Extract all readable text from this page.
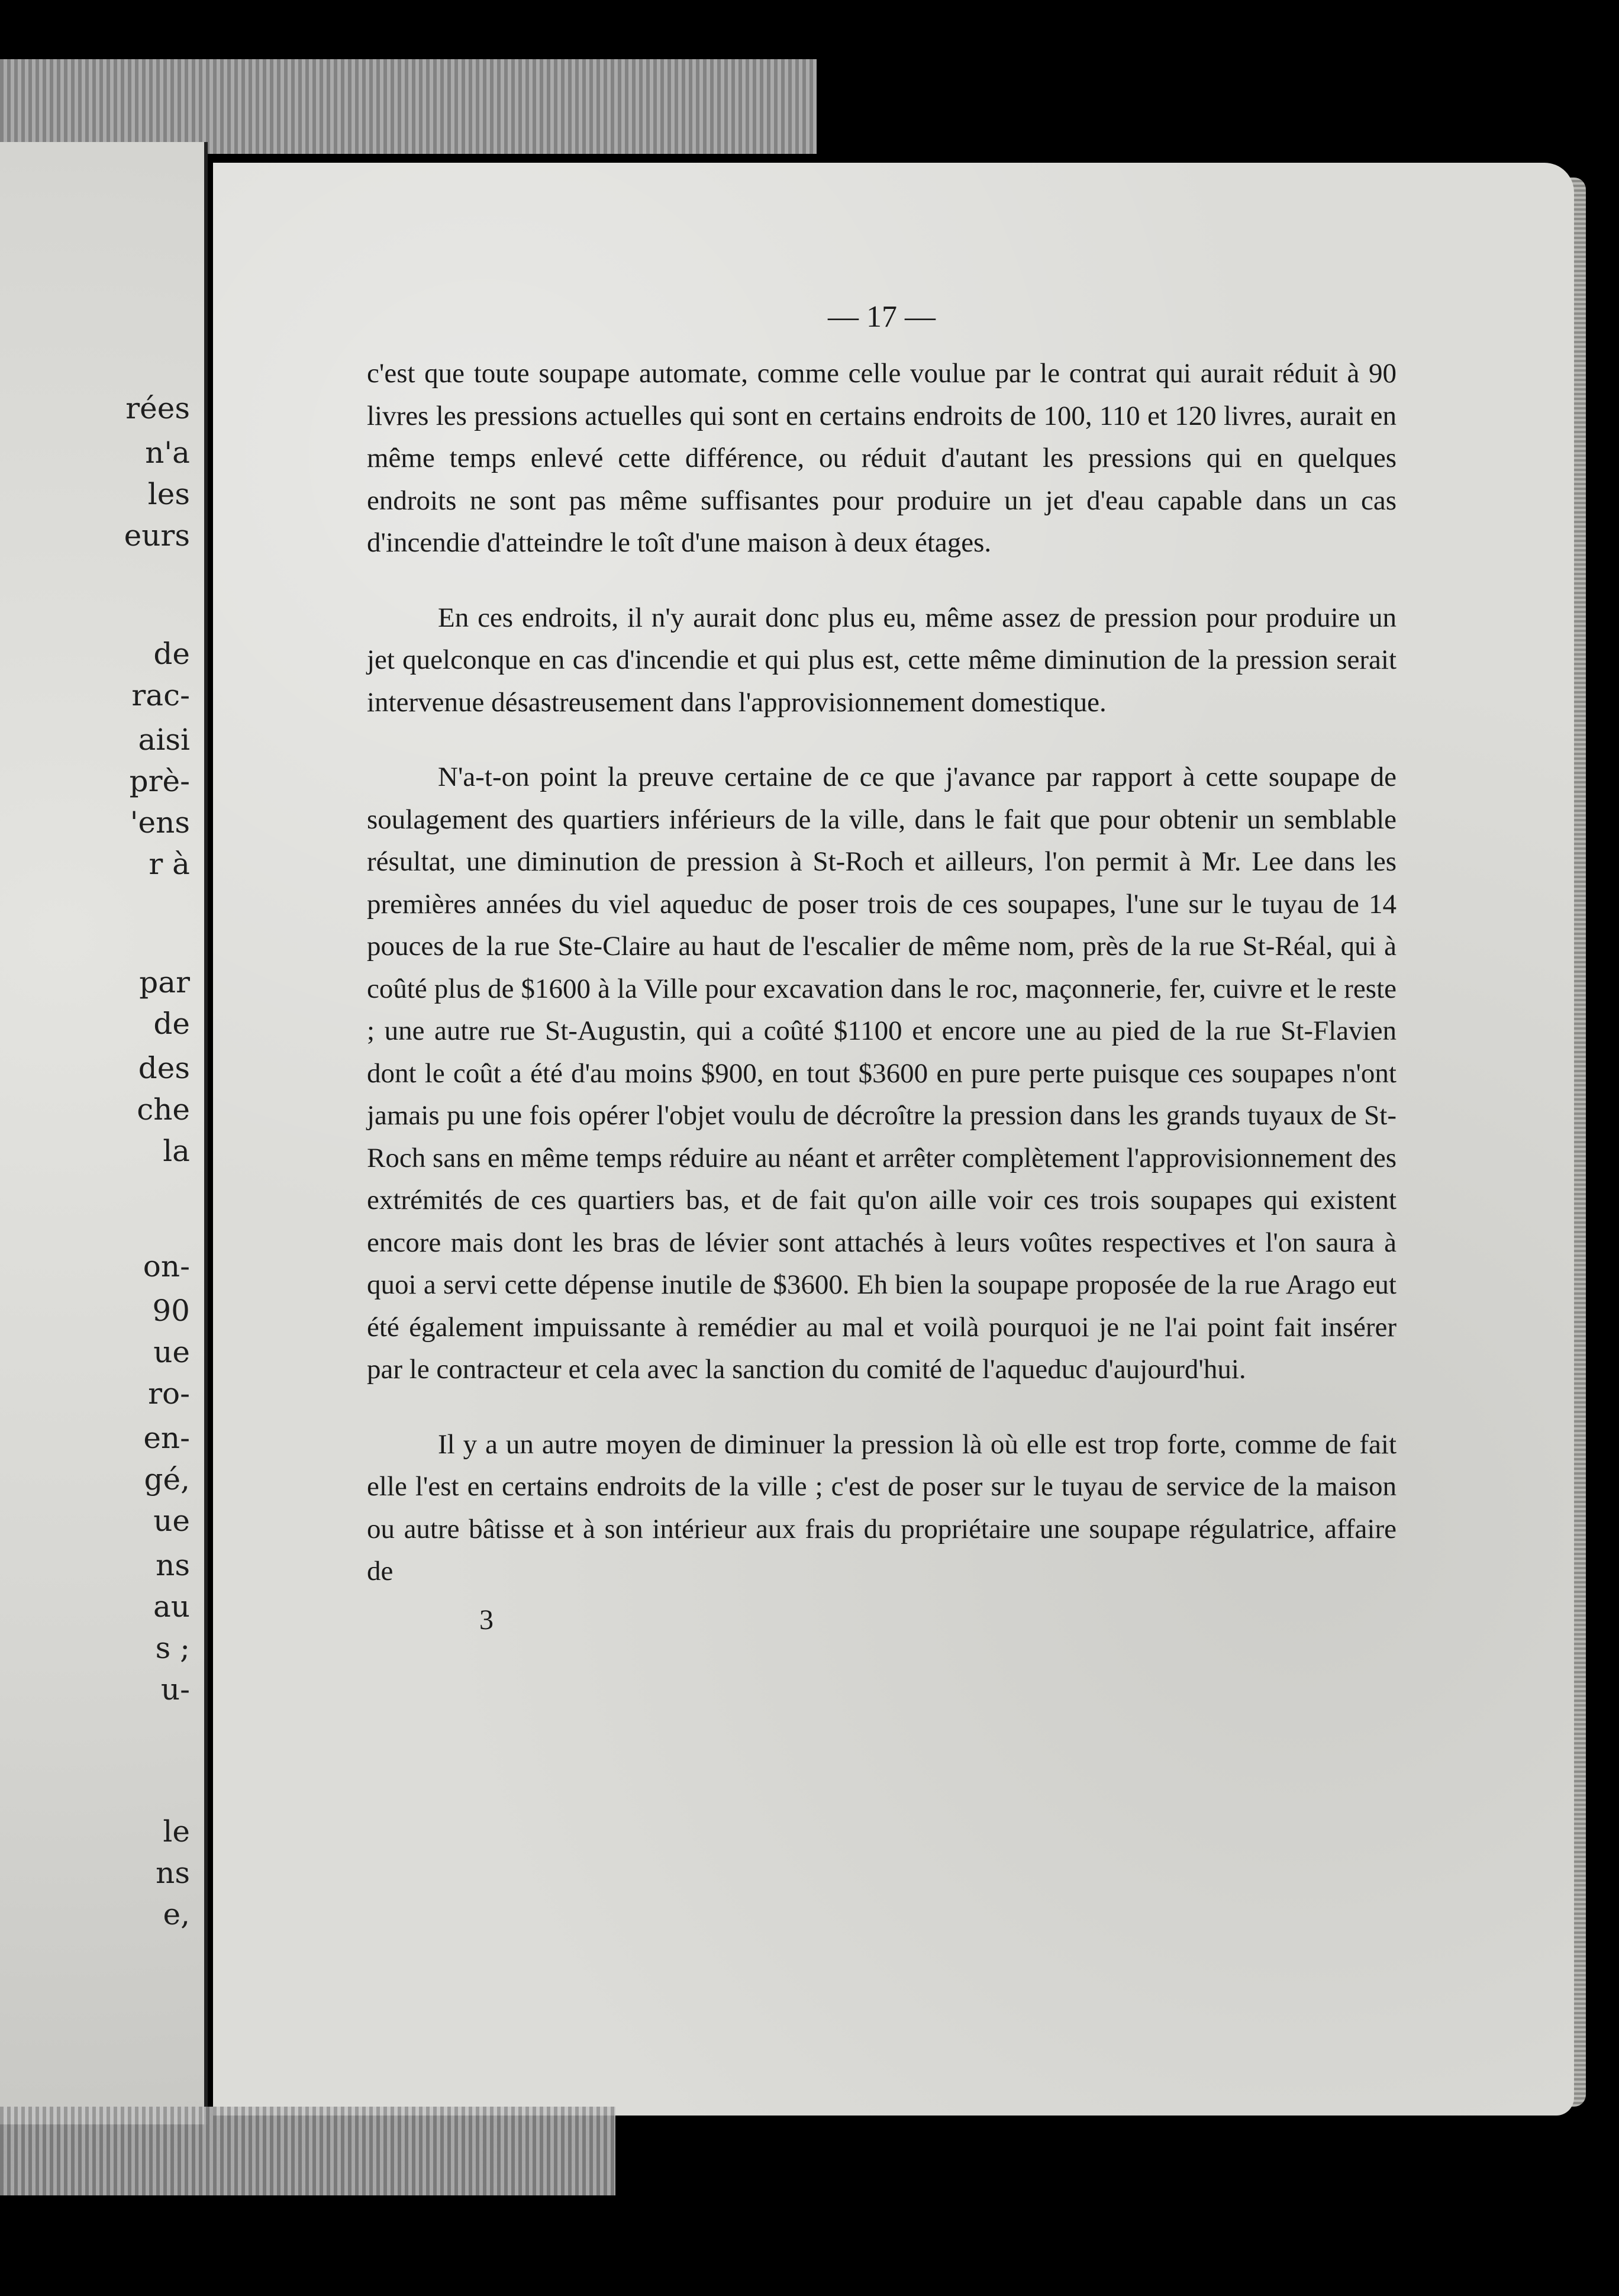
rées
n'a
les
eurs
de
rac-
aisi
prè-
'ens
r à
par
de
des
che
la
on-
90
ue
ro-
en-
gé,
ue
ns
au
s ;
u-
le
ns
e,
— 17 —

c'est que toute soupape automate, comme celle voulue par le contrat qui aurait réduit à 90 livres les pressions actuelles qui sont en certains endroits de 100, 110 et 120 livres, aurait en même temps enlevé cette différence, ou réduit d'autant les pressions qui en quelques endroits ne sont pas même suffisantes pour produire un jet d'eau capable dans un cas d'incendie d'atteindre le toît d'une maison à deux étages.

En ces endroits, il n'y aurait donc plus eu, même assez de pression pour produire un jet quelconque en cas d'incendie et qui plus est, cette même diminution de la pression serait intervenue désastreusement dans l'approvisionnement domestique.

N'a-t-on point la preuve certaine de ce que j'avance par rapport à cette soupape de soulagement des quartiers inférieurs de la ville, dans le fait que pour obtenir un semblable résultat, une diminution de pression à St-Roch et ailleurs, l'on permit à Mr. Lee dans les premières années du viel aqueduc de poser trois de ces soupapes, l'une sur le tuyau de 14 pouces de la rue Ste-Claire au haut de l'escalier de même nom, près de la rue St-Réal, qui à coûté plus de $1600 à la Ville pour excavation dans le roc, maçonnerie, fer, cuivre et le reste ; une autre rue St-Augustin, qui a coûté $1100 et encore une au pied de la rue St-Flavien dont le coût a été d'au moins $900, en tout $3600 en pure perte puisque ces soupapes n'ont jamais pu une fois opérer l'objet voulu de décroître la pression dans les grands tuyaux de St-Roch sans en même temps réduire au néant et arrêter complètement l'approvisionnement des extrémités de ces quartiers bas, et de fait qu'on aille voir ces trois soupapes qui existent encore mais dont les bras de lévier sont attachés à leurs voûtes respectives et l'on saura à quoi a servi cette dépense inutile de $3600. Eh bien la soupape proposée de la rue Arago eut été également impuissante à remédier au mal et voilà pourquoi je ne l'ai point fait insérer par le contracteur et cela avec la sanction du comité de l'aqueduc d'aujourd'hui.

Il y a un autre moyen de diminuer la pression là où elle est trop forte, comme de fait elle l'est en certains endroits de la ville ; c'est de poser sur le tuyau de service de la maison ou autre bâtisse et à son intérieur aux frais du propriétaire une soupape régulatrice, affaire de

3
